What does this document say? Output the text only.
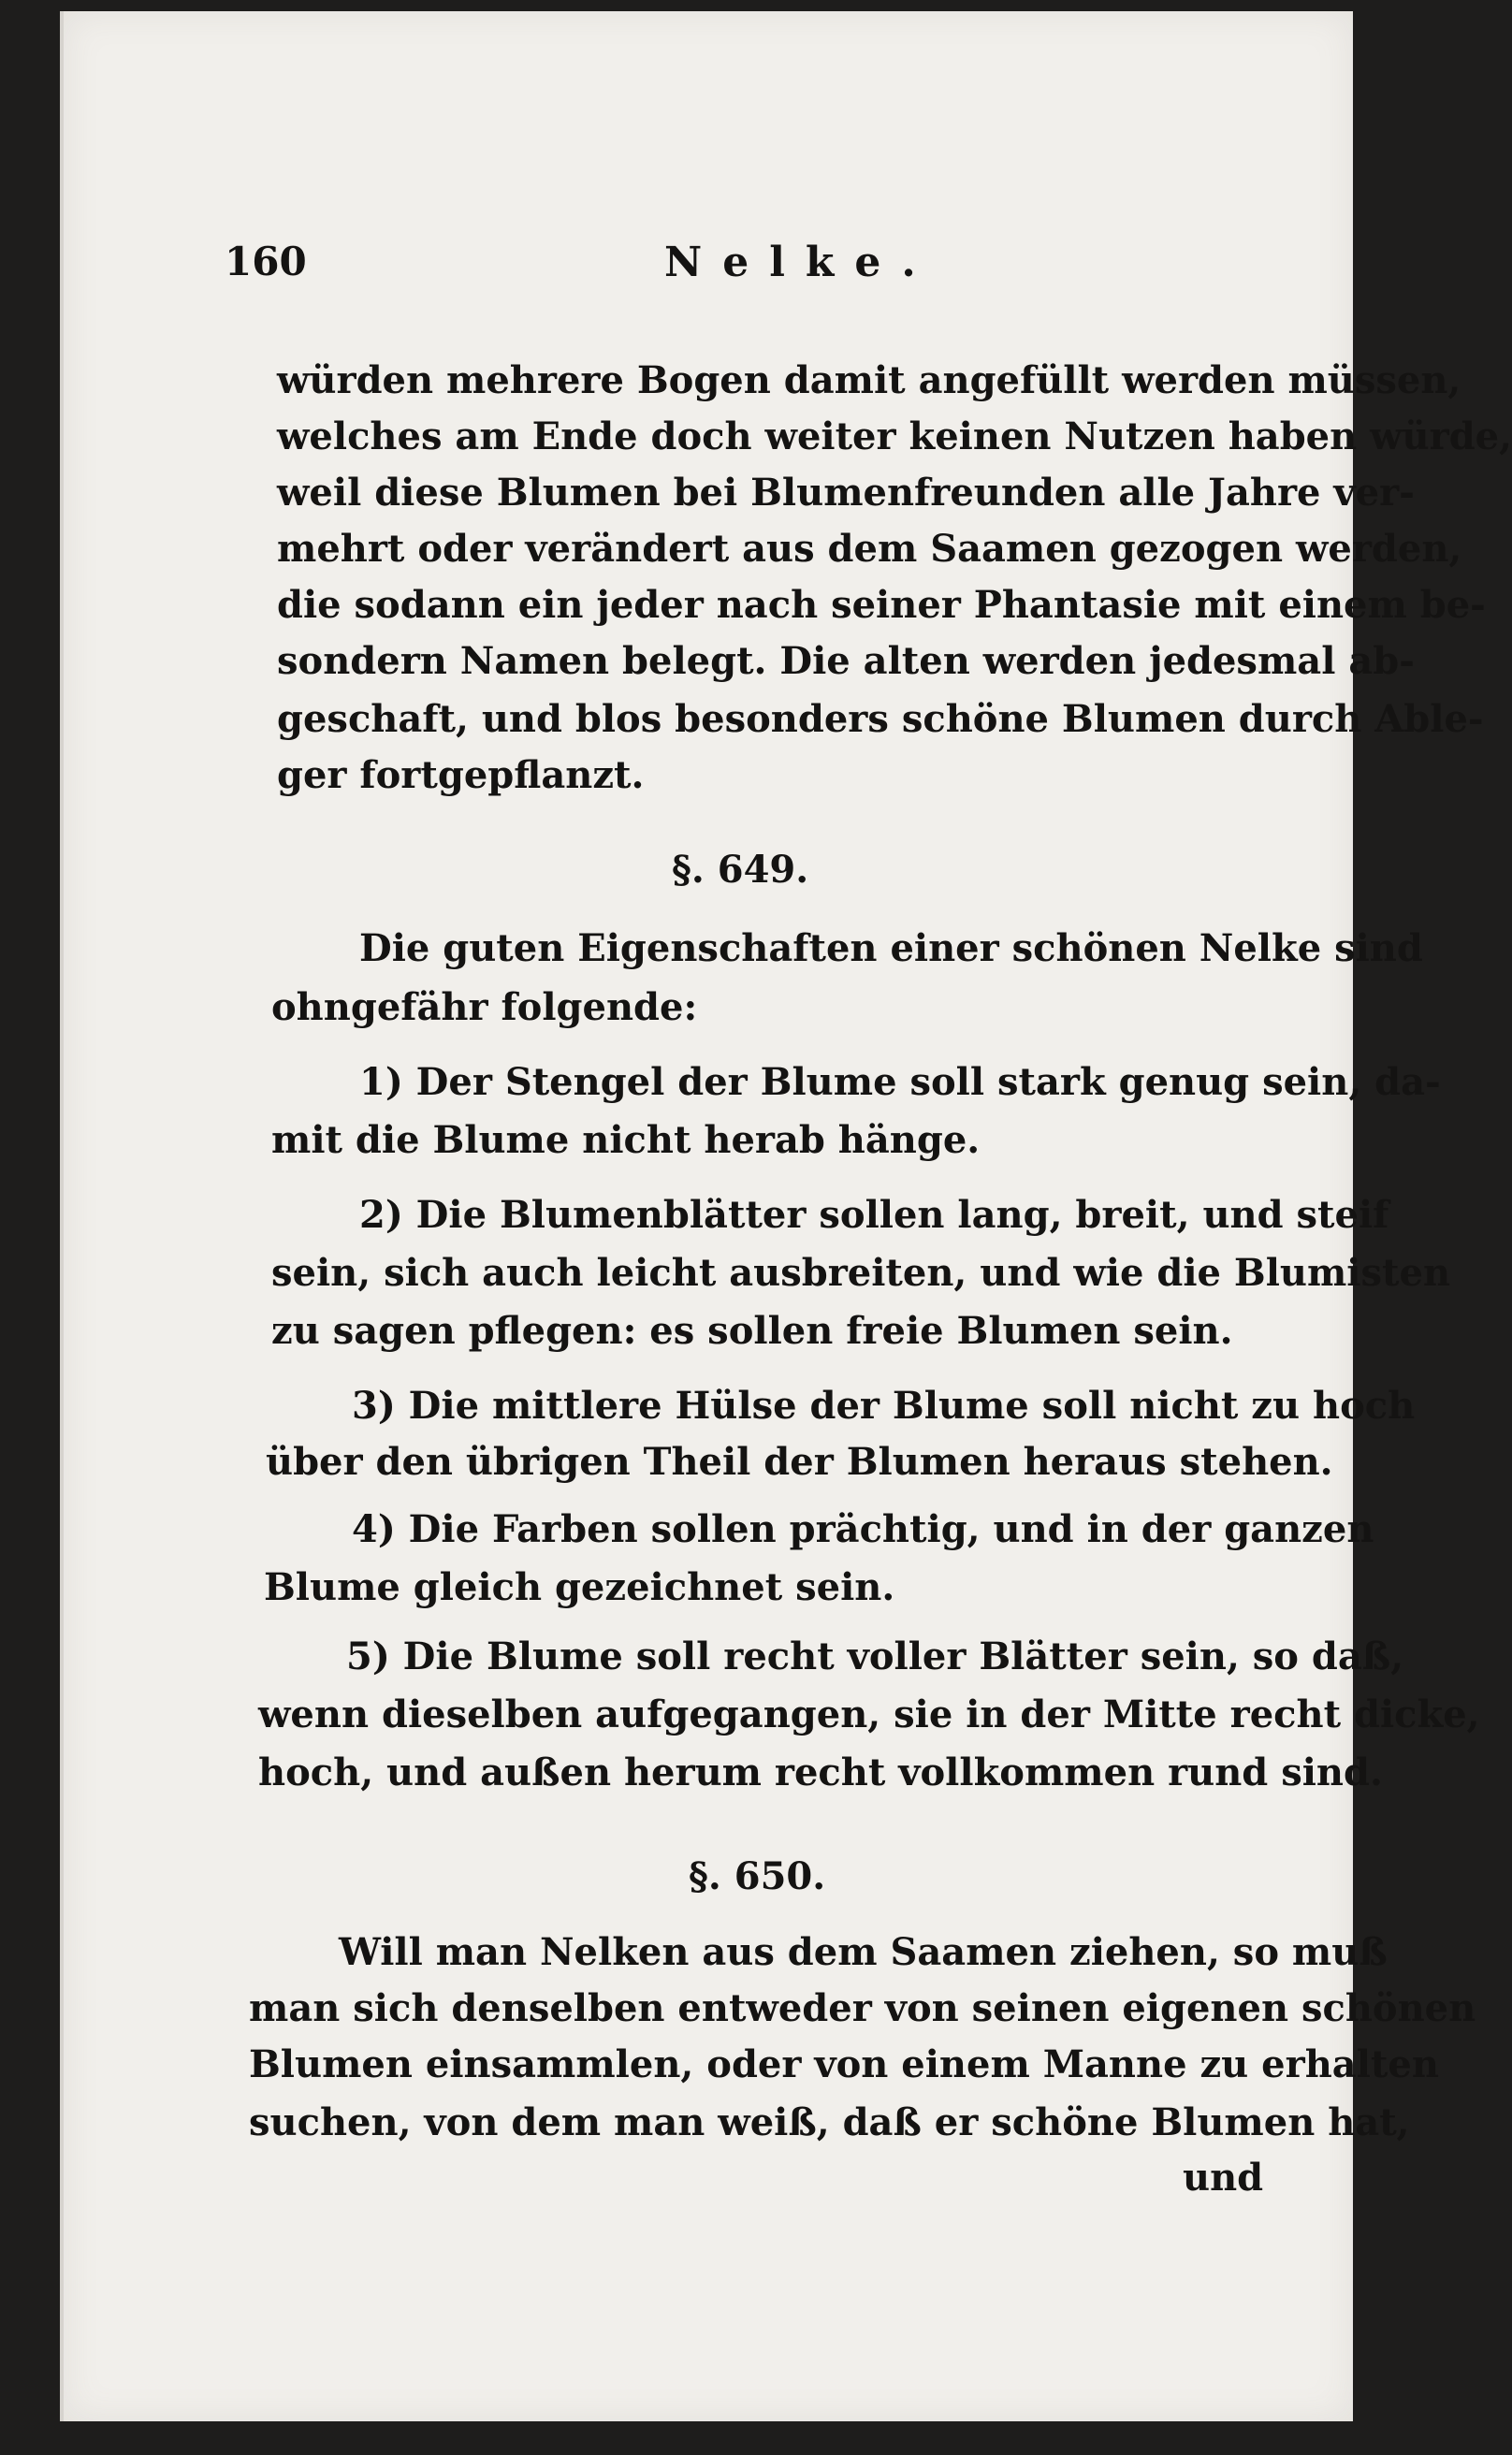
160	Nelke.
würden mehrere Bogen damit angefüllt werden müssen,
welches am Ende doch weiter keinen Nutzen haben würde,
weil diese Blumen bei Blumenfreunden alle Jahre ver-
mehrt oder verändert aus dem Saamen gezogen werden,
die sodann ein jeder nach seiner Phantasie mit einem be-
sondern Namen belegt. Die alten werden jedesmal ab-
geschaft, und blos besonders schöne Blumen durch Able-
ger fortgepflanzt.
§. 649.
Die guten Eigenschaften einer schönen Nelke sind
ohngefähr folgende:
1) Der Stengel der Blume soll stark genug sein, da-
mit die Blume nicht herab hänge.
2) Die Blumenblätter sollen lang, breit, und steif
sein, sich auch leicht ausbreiten, und wie die Blumisten
zu sagen pflegen: es sollen freie Blumen sein.
3) Die mittlere Hülse der Blume soll nicht zu hoch
über den übrigen Theil der Blumen heraus stehen.
4) Die Farben sollen prächtig, und in der ganzen
Blume gleich gezeichnet sein.
5) Die Blume soll recht voller Blätter sein, so daß,
wenn dieselben aufgegangen, sie in der Mitte recht dicke,
hoch, und außen herum recht vollkommen rund sind.
§. 650.
Will man Nelken aus dem Saamen ziehen, so muß
man sich denselben entweder von seinen eigenen schönen
Blumen einsammlen, oder von einem Manne zu erhalten
suchen, von dem man weiß, daß er schöne Blumen hat,
und
